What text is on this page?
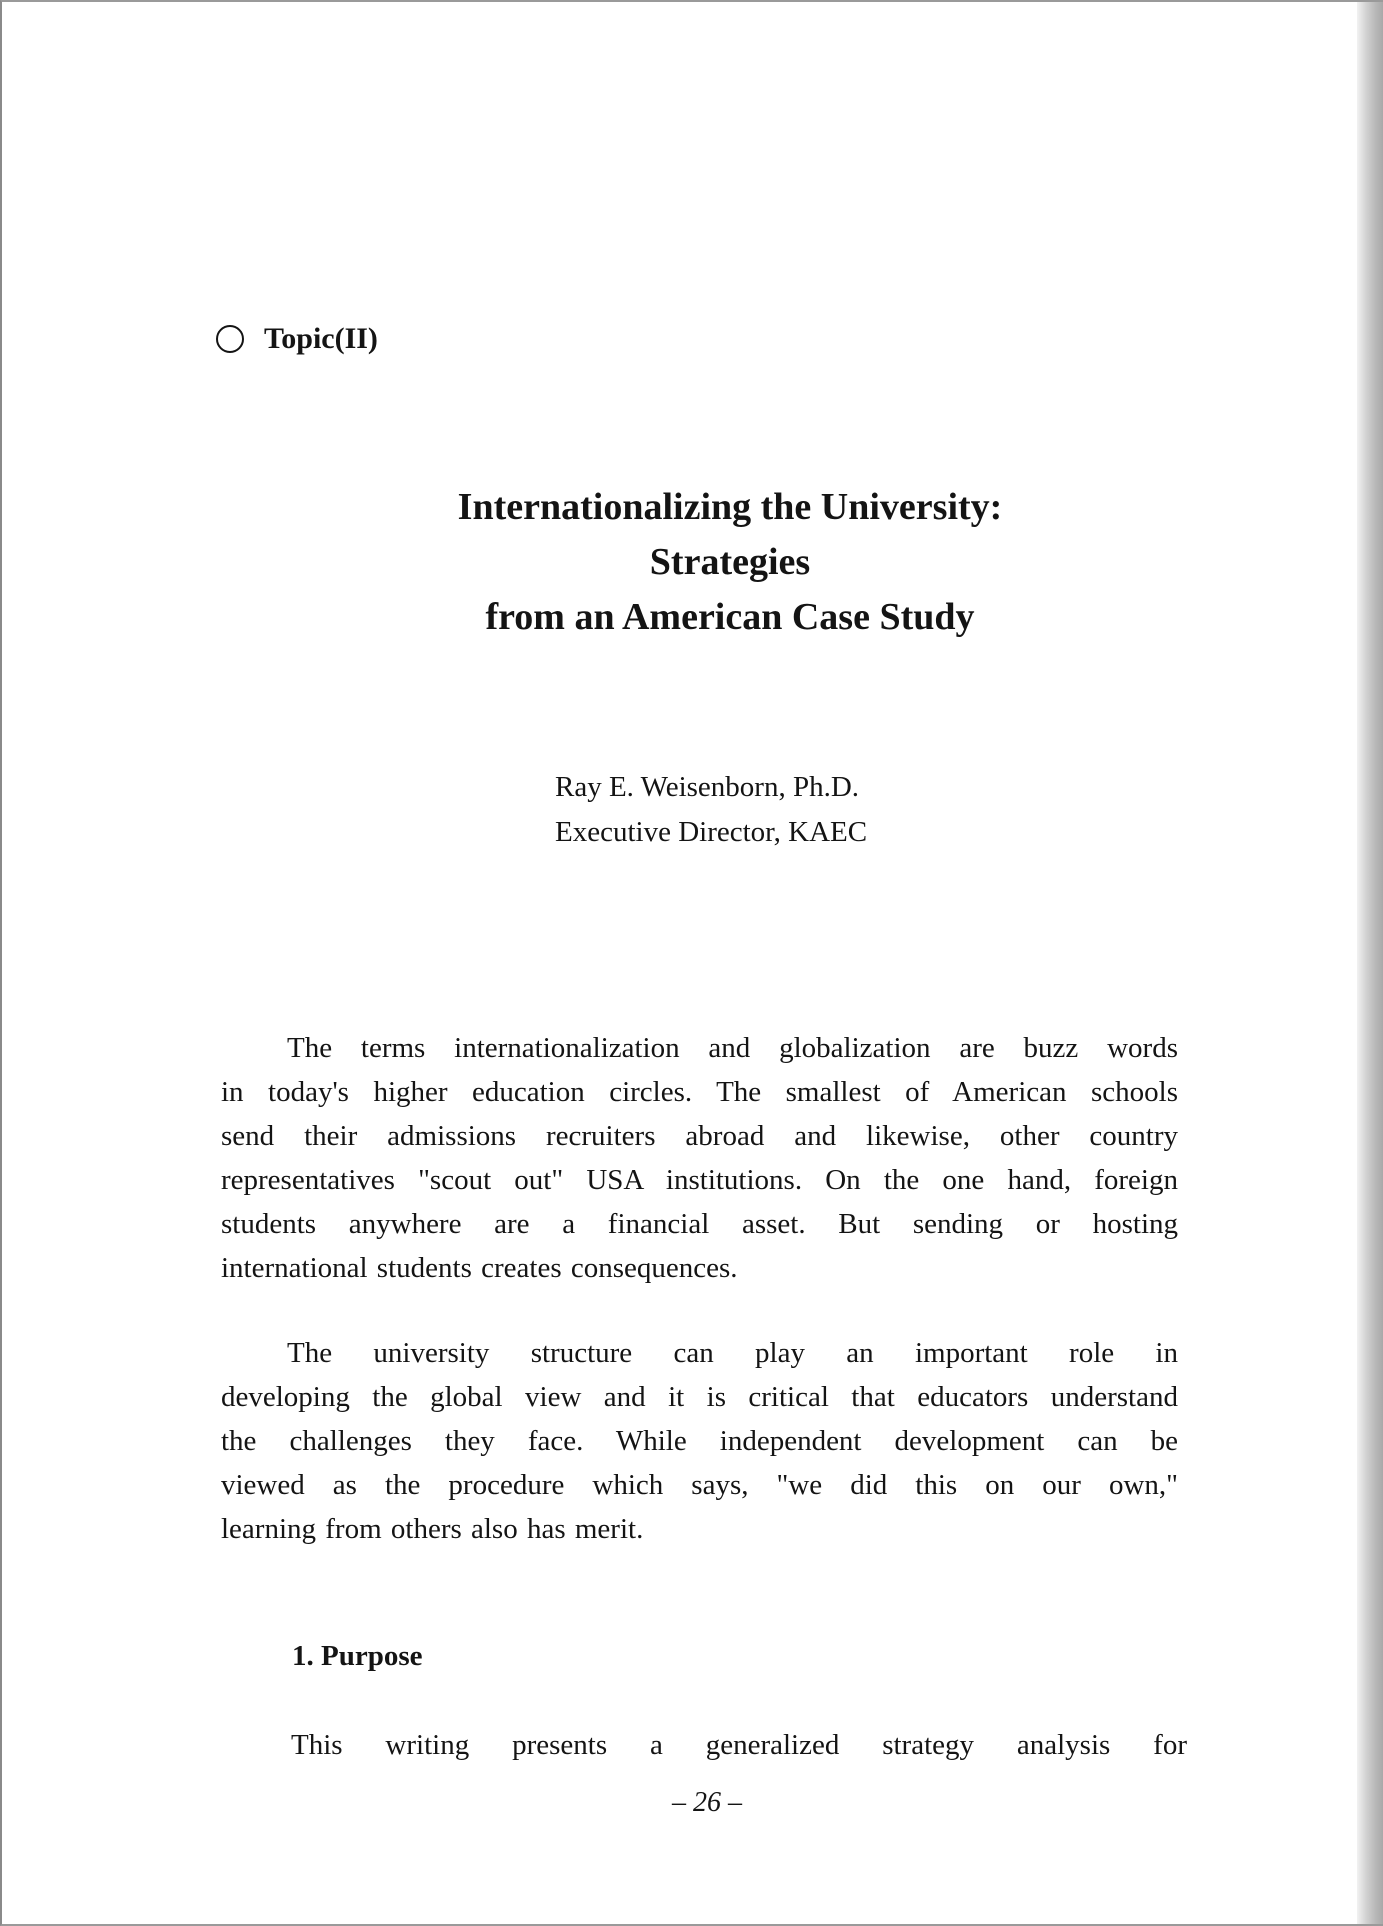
Topic(II)
Internationalizing the University:
Strategies
from an American Case Study
Ray E. Weisenborn, Ph.D.
Executive Director, KAEC
The terms internationalization and globalization are buzz words
in today's higher education circles. The smallest of American schools
send their admissions recruiters abroad and likewise, other country
representatives "scout out" USA institutions. On the one hand, foreign
students anywhere are a financial asset. But sending or hosting
international students creates consequences.
The university structure can play an important role in
developing the global view and it is critical that educators understand
the challenges they face. While independent development can be
viewed as the procedure which says, "we did this on our own,"
learning from others also has merit.
1. Purpose
This writing presents a generalized strategy analysis for
– 26 –
